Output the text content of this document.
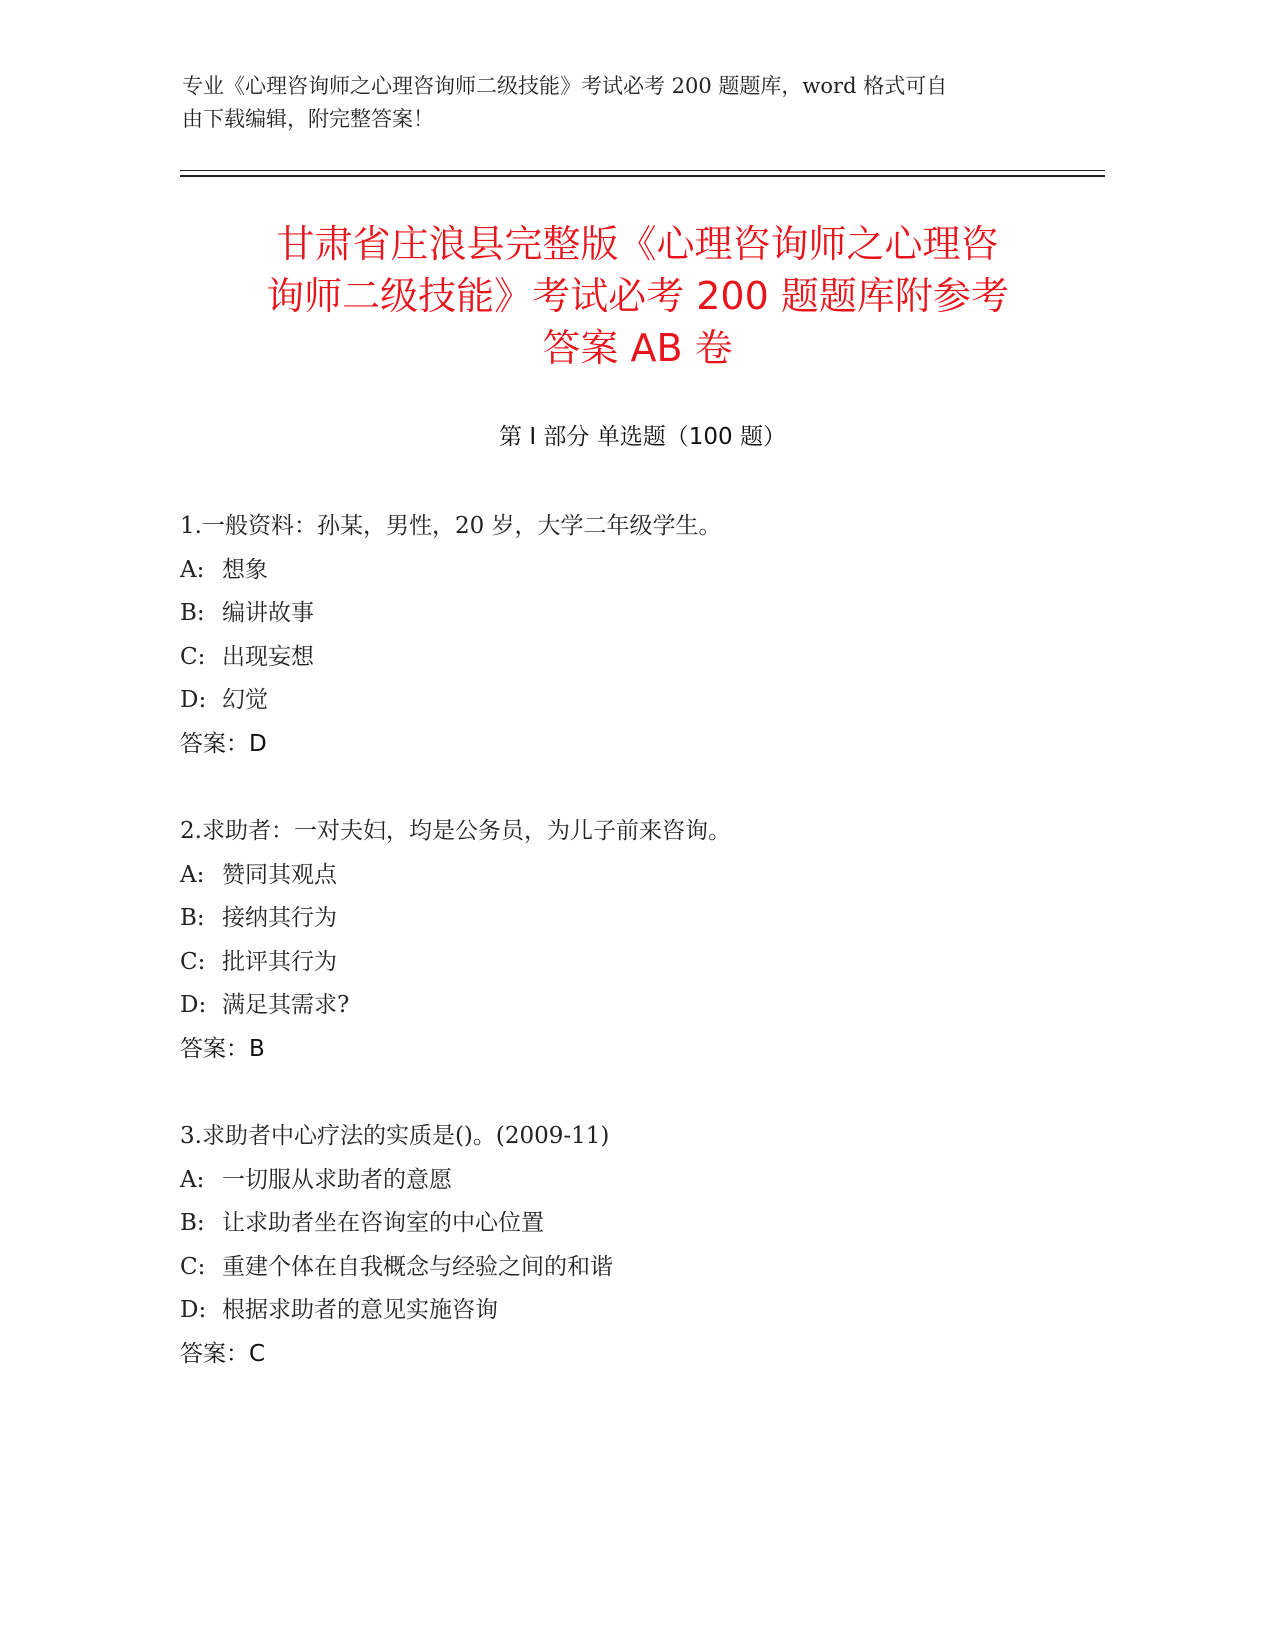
专业《心理咨询师之心理咨询师二级技能》考试必考 200 题题库，word 格式可自
由下载编辑，附完整答案！
甘肃省庄浪县完整版《心理咨询师之心理咨
询师二级技能》考试必考 200 题题库附参考
答案 AB 卷
第 I 部分 单选题（100 题）
1.一般资料：孙某，男性，20 岁，大学二年级学生。
A: 想象
B: 编讲故事
C: 出现妄想
D: 幻觉
答案：D
2.求助者：一对夫妇，均是公务员，为儿子前来咨询。
A: 赞同其观点
B: 接纳其行为
C: 批评其行为
D: 满足其需求?
答案：B
3.求助者中心疗法的实质是()。(2009-11)
A: 一切服从求助者的意愿
B: 让求助者坐在咨询室的中心位置
C: 重建个体在自我概念与经验之间的和谐
D: 根据求助者的意见实施咨询
答案：C
